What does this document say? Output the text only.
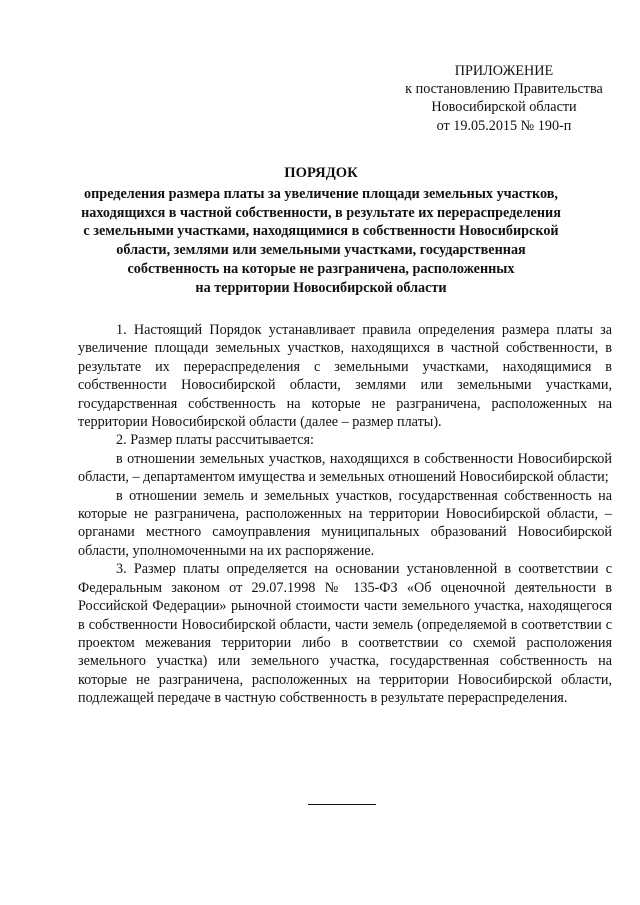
ПРИЛОЖЕНИЕ
к постановлению Правительства
Новосибирской области
от 19.05.2015 № 190-п
ПОРЯДОК
определения размера платы за увеличение площади земельных участков,
находящихся в частной собственности, в результате их перераспределения
с земельными участками, находящимися в собственности Новосибирской
области, землями или земельными участками, государственная
собственность на которые не разграничена, расположенных
на территории Новосибирской области

1. Настоящий Порядок устанавливает правила определения размера платы за увеличение площади земельных участков, находящихся в частной собственности, в результате их перераспределения с земельными участками, находящимися в собственности Новосибирской области, землями или земельными участками, государственная собственность на которые не разграничена, расположенных на территории Новосибирской области (далее – размер платы).

2. Размер платы рассчитывается:

в отношении земельных участков, находящихся в собственности Новосибирской области, – департаментом имущества и земельных отношений Новосибирской области;

в отношении земель и земельных участков, государственная собственность на которые не разграничена, расположенных на территории Новосибирской области, – органами местного самоуправления муниципальных образований Новосибирской области, уполномоченными на их распоряжение.

3. Размер платы определяется на основании установленной в соответствии с Федеральным законом от 29.07.1998 № 135-ФЗ «Об оценочной деятельности в Российской Федерации» рыночной стоимости части земельного участка, находящегося в собственности Новосибирской области, части земель (определяемой в соответствии с проектом межевания территории либо в соответствии со схемой расположения земельного участка) или земельного участка, государственная собственность на которые не разграничена, расположенных на территории Новосибирской области, подлежащей передаче в частную собственность в результате перераспределения.
